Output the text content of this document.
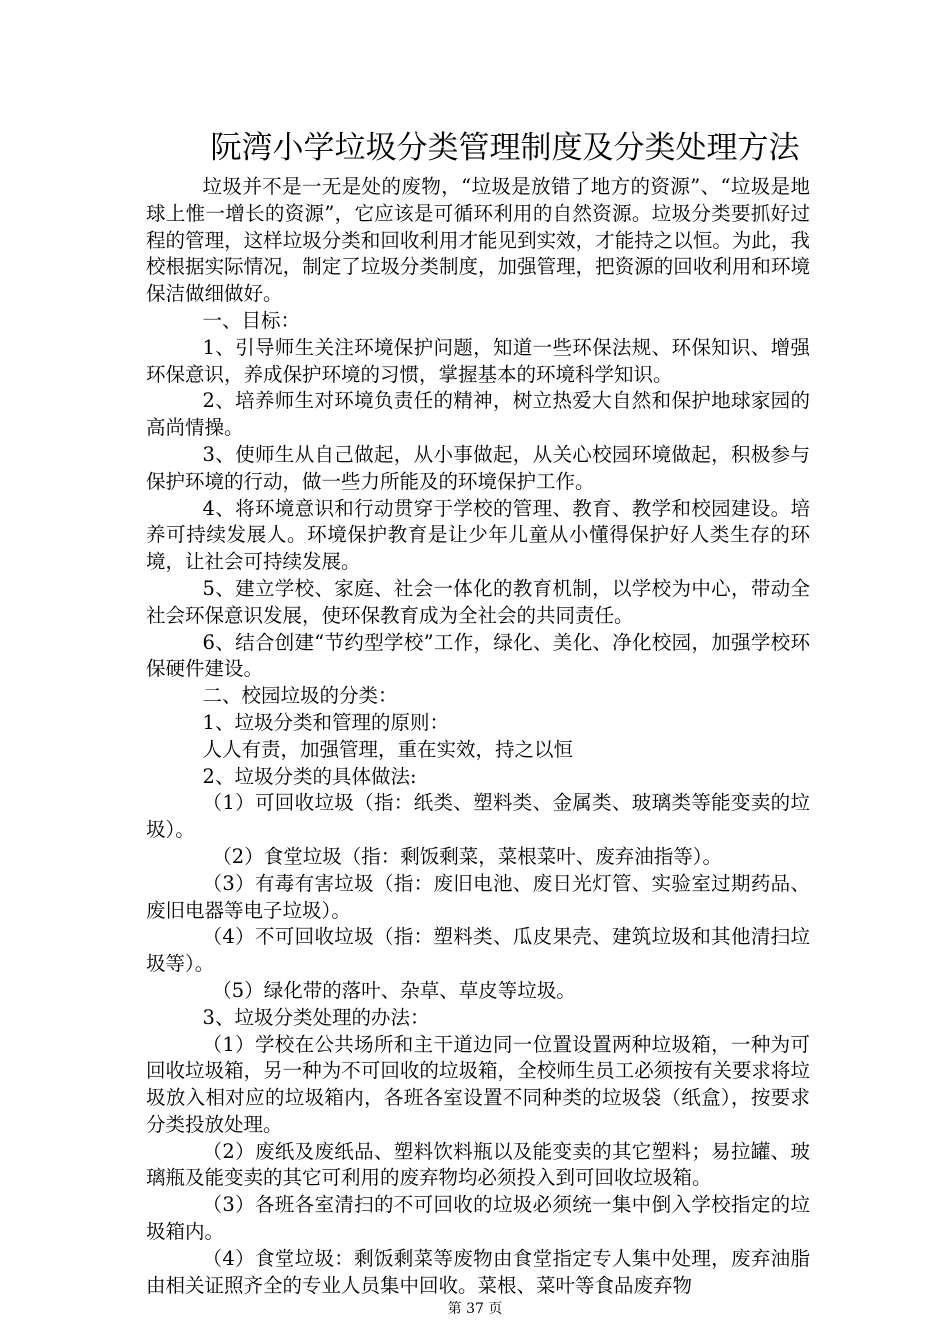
阮湾小学垃圾分类管理制度及分类处理方法

垃圾并不是一无是处的废物，“垃圾是放错了地方的资源”、“垃圾是地球上惟一增长的资源”，它应该是可循环利用的自然资源。垃圾分类要抓好过程的管理，这样垃圾分类和回收利用才能见到实效，才能持之以恒。为此，我校根据实际情况，制定了垃圾分类制度，加强管理，把资源的回收利用和环境保洁做细做好。

一、目标：

1、引导师生关注环境保护问题，知道一些环保法规、环保知识、增强环保意识，养成保护环境的习惯，掌握基本的环境科学知识。

2、培养师生对环境负责任的精神，树立热爱大自然和保护地球家园的高尚情操。

3、使师生从自己做起，从小事做起，从关心校园环境做起，积极参与保护环境的行动，做一些力所能及的环境保护工作。

4、将环境意识和行动贯穿于学校的管理、教育、教学和校园建设。培养可持续发展人。环境保护教育是让少年儿童从小懂得保护好人类生存的环境，让社会可持续发展。

5、建立学校、家庭、社会一体化的教育机制，以学校为中心，带动全社会环保意识发展，使环保教育成为全社会的共同责任。

6、结合创建“节约型学校”工作，绿化、美化、净化校园，加强学校环保硬件建设。

二、校园垃圾的分类：

1、垃圾分类和管理的原则：

人人有责，加强管理，重在实效，持之以恒

2、垃圾分类的具体做法:

（1）可回收垃圾（指：纸类、塑料类、金属类、玻璃类等能变卖的垃圾）。

（2）食堂垃圾（指：剩饭剩菜，菜根菜叶、废弃油指等）。

（3）有毒有害垃圾（指：废旧电池、废日光灯管、实验室过期药品、废旧电器等电子垃圾）。

（4）不可回收垃圾（指：塑料类、瓜皮果壳、建筑垃圾和其他清扫垃圾等）。

（5）绿化带的落叶、杂草、草皮等垃圾。

3、垃圾分类处理的办法：

（1）学校在公共场所和主干道边同一位置设置两种垃圾箱，一种为可回收垃圾箱，另一种为不可回收的垃圾箱，全校师生员工必须按有关要求将垃圾放入相对应的垃圾箱内，各班各室设置不同种类的垃圾袋（纸盒），按要求分类投放处理。

（2）废纸及废纸品、塑料饮料瓶以及能变卖的其它塑料；易拉罐、玻璃瓶及能变卖的其它可利用的废弃物均必须投入到可回收垃圾箱。

（3）各班各室清扫的不可回收的垃圾必须统一集中倒入学校指定的垃圾箱内。

（4）食堂垃圾：剩饭剩菜等废物由食堂指定专人集中处理，废弃油脂由相关证照齐全的专业人员集中回收。菜根、菜叶等食品废弃物

第 37 页
